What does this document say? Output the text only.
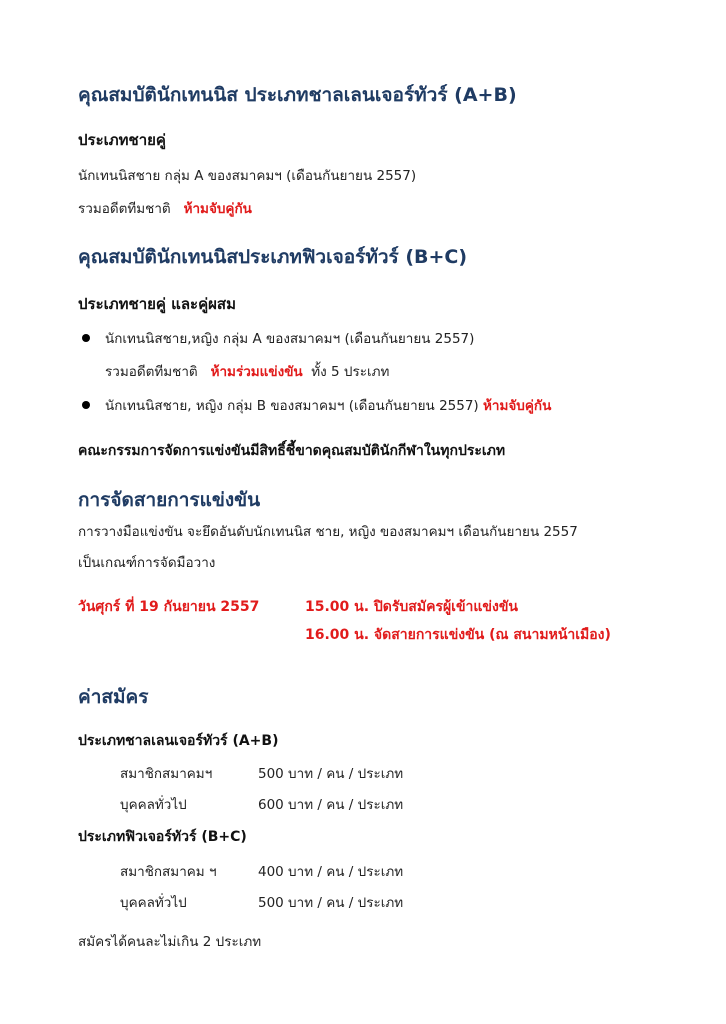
คุณสมบัตินักเทนนิส ประเภทชาลเลนเจอร์ทัวร์ (A+B)
ประเภทชายคู่
นักเทนนิสชาย กลุ่ม A ของสมาคมฯ (เดือนกันยายน 2557)
รวมอดีตทีมชาติ ห้ามจับคู่กัน
คุณสมบัตินักเทนนิสประเภทฟิวเจอร์ทัวร์ (B+C)
ประเภทชายคู่ และคู่ผสม
นักเทนนิสชาย,หญิง กลุ่ม A ของสมาคมฯ (เดือนกันยายน 2557)
รวมอดีตทีมชาติ ห้ามร่วมแข่งขัน ทั้ง 5 ประเภท
นักเทนนิสชาย, หญิง กลุ่ม B ของสมาคมฯ (เดือนกันยายน 2557) ห้ามจับคู่กัน
คณะกรรมการจัดการแข่งขันมีสิทธิ์ชี้ขาดคุณสมบัตินักกีฬาในทุกประเภท
การจัดสายการแข่งขัน
การวางมือแข่งขัน จะยึดอันดับนักเทนนิส ชาย, หญิง ของสมาคมฯ เดือนกันยายน 2557
เป็นเกณฑ์การจัดมือวาง
วันศุกร์ ที่ 19 กันยายน 2557	15.00 น. ปิดรับสมัครผู้เข้าแข่งขัน
16.00 น. จัดสายการแข่งขัน (ณ สนามหน้าเมือง)
ค่าสมัคร
ประเภทชาลเลนเจอร์ทัวร์ (A+B)
สมาชิกสมาคมฯ	500 บาท / คน / ประเภท
บุคคลทั่วไป	600 บาท / คน / ประเภท
ประเภทฟิวเจอร์ทัวร์ (B+C)
สมาชิกสมาคม ฯ	400 บาท / คน / ประเภท
บุคคลทั่วไป	500 บาท / คน / ประเภท
สมัครได้คนละไม่เกิน 2 ประเภท
